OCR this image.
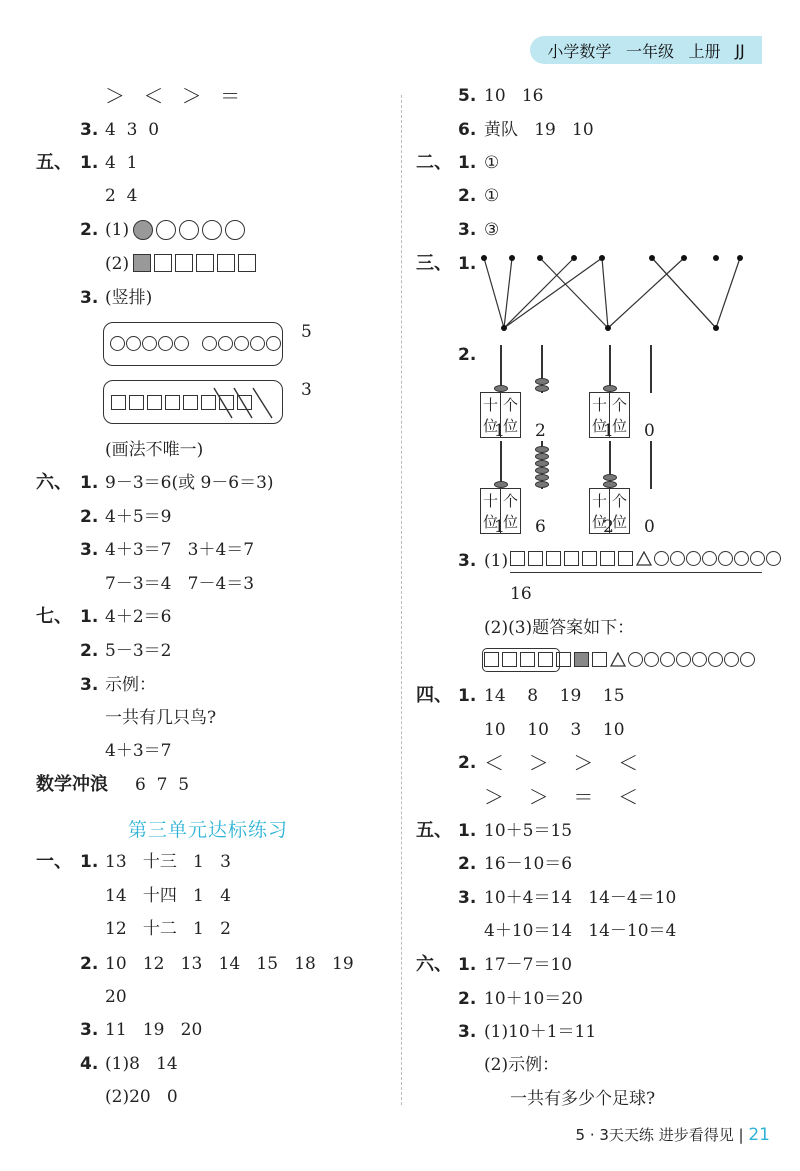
小学数学 一年级 上册 JJ
＞ ＜ ＞ ＝
3. 4  3  0
五、 1. 4  1
2  4
2. (1)
(2)
3. (竖排)
5
3
(画法不唯一)
六、 1. 9－3＝6(或 9－6＝3)
2. 4＋5＝9
3. 4＋3＝7   3＋4＝7
7－3＝4   7－4＝3
七、 1. 4＋2＝6
2. 5－3＝2
3. 示例：
一共有几只鸟?
4＋3＝7
数学冲浪 6  7  5
第三单元达标练习
一、 1. 13   十三   1   3
14   十四   1   4
12   十二   1   2
2. 10   12   13   14   15   18   19
20
3. 11   19   20
4. (1)8   14
(2)20   0
5. 10   16
6. 黄队   19   10
二、 1. ①
2. ①
3. ③
三、 1.
2.
十位	个位
1 2
十位	个位
1 0
十位	个位
1 6
十位	个位
2 0
3. (1)
16
(2)(3)题答案如下：
四、 1. 14    8    19    15
10    10    3    10
2. ＜  ＞  ＞  ＜
＞  ＞  ＝  ＜
五、 1. 10＋5＝15
2. 16－10＝6
3. 10＋4＝14   14－4＝10
4＋10＝14   14－10＝4
六、 1. 17－7＝10
2. 10＋10＝20
3. (1)10＋1＝11
(2)示例：
一共有多少个足球?
5 · 3天天练 进步看得见 | 21
